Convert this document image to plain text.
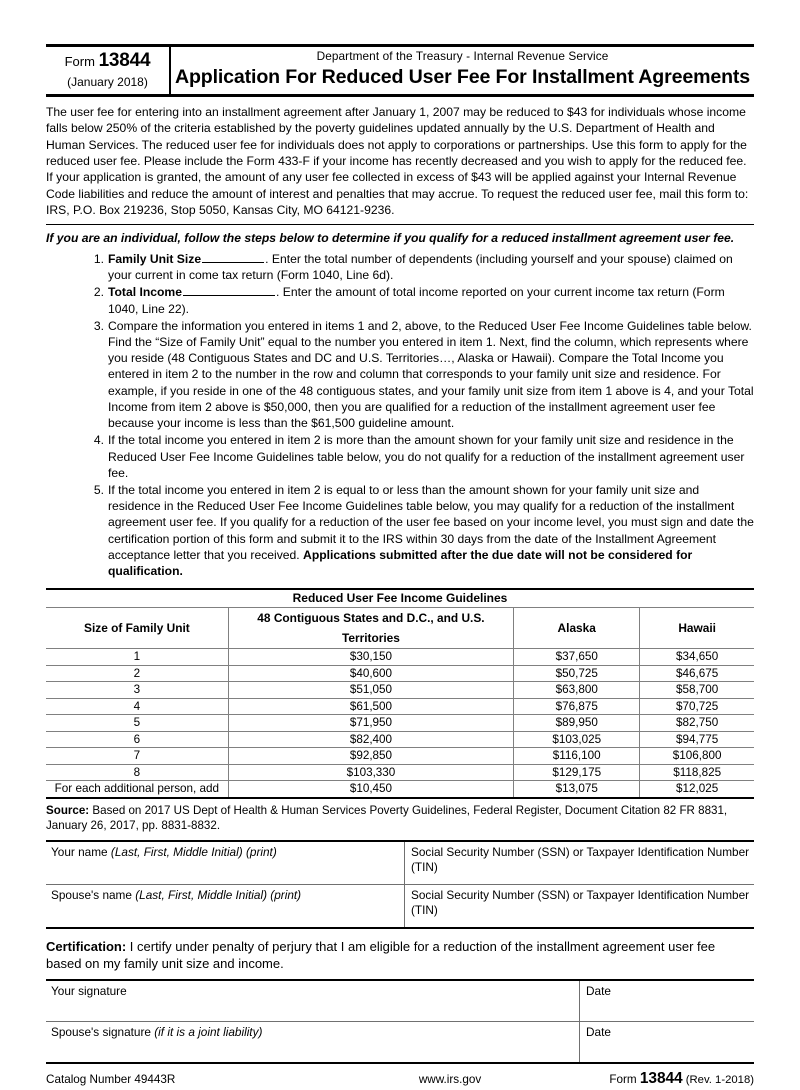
Form 13844
(January 2018)
Department of the Treasury - Internal Revenue Service
Application For Reduced User Fee For Installment Agreements
The user fee for entering into an installment agreement after January 1, 2007 may be reduced to $43 for individuals whose income falls below 250% of the criteria established by the poverty guidelines updated annually by the U.S. Department of Health and Human Services. The reduced user fee for individuals does not apply to corporations or partnerships. Use this form to apply for the reduced user fee. Please include the Form 433-F if your income has recently decreased and you wish to apply for the reduced fee. If your application is granted, the amount of any user fee collected in excess of $43 will be applied against your Internal Revenue Code liabilities and reduce the amount of interest and penalties that may accrue. To request the reduced user fee, mail this form to: IRS, P.O. Box 219236, Stop 5050, Kansas City, MO 64121-9236.
If you are an individual, follow the steps below to determine if you qualify for a reduced installment agreement user fee.
Family Unit Size	. Enter the total number of dependents (including yourself and your spouse) claimed on your current in come tax return (Form 1040, Line 6d).
Total Income	. Enter the amount of total income reported on your current income tax return (Form 1040, Line 22).
Compare the information you entered in items 1 and 2, above, to the Reduced User Fee Income Guidelines table below. Find the “Size of Family Unit” equal to the number you entered in item 1. Next, find the column, which represents where you reside (48 Contiguous States and DC and U.S. Territories…, Alaska or Hawaii). Compare the Total Income you entered in item 2 to the number in the row and column that corresponds to your family unit size and residence. For example, if you reside in one of the 48 contiguous states, and your family unit size from item 1 above is 4, and your Total Income from item 2 above is $50,000, then you are qualified for a reduction of the installment agreement user fee because your income is less than the $61,500 guideline amount.
If the total income you entered in item 2 is more than the amount shown for your family unit size and residence in the Reduced User Fee Income Guidelines table below, you do not qualify for a reduction of the installment agreement user fee.
If the total income you entered in item 2 is equal to or less than the amount shown for your family unit size and residence in the Reduced User Fee Income Guidelines table below, you may qualify for a reduction of the installment agreement user fee. If you qualify for a reduction of the user fee based on your income level, you must sign and date the certification portion of this form and submit it to the IRS within 30 days from the date of the Installment Agreement acceptance letter that you received. Applications submitted after the due date will not be considered for qualification.
Reduced User Fee Income Guidelines			
Size of Family Unit	48 Contiguous States and D.C., and U.S. Territories	Alaska	Hawaii
1	$30,150	$37,650	$34,650
2	$40,600	$50,725	$46,675
3	$51,050	$63,800	$58,700
4	$61,500	$76,875	$70,725
5	$71,950	$89,950	$82,750
6	$82,400	$103,025	$94,775
7	$92,850	$116,100	$106,800
8	$103,330	$129,175	$118,825
For each additional person, add	$10,450	$13,075	$12,025
Source: Based on 2017 US Dept of Health & Human Services Poverty Guidelines, Federal Register, Document Citation 82 FR 8831, January 26, 2017, pp. 8831-8832.
Your name (Last, First, Middle Initial) (print)	Social Security Number (SSN) or Taxpayer Identification Number (TIN)
Spouse's name (Last, First, Middle Initial) (print)	Social Security Number (SSN) or Taxpayer Identification Number (TIN)
Certification: I certify under penalty of perjury that I am eligible for a reduction of the installment agreement user fee based on my family unit size and income.
Your signature	Date
Spouse's signature (if it is a joint liability)	Date
Catalog Number 49443R	www.irs.gov	Form 13844 (Rev. 1-2018)
